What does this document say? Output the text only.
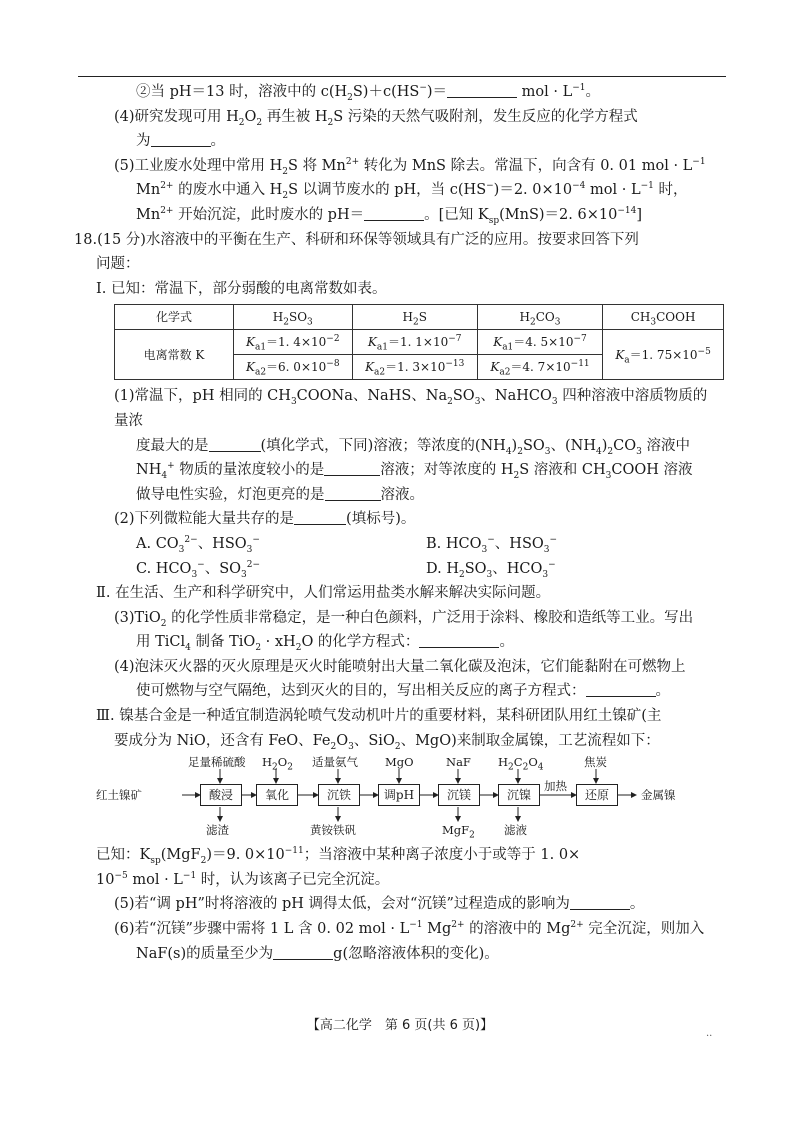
②当 pH＝13 时，溶液中的 $c(H_2S)+c(HS^-)=$	mol · $L^{-1}$。

(4)研究发现可用 $H_2O_2$ 再生被 $H_2S$ 污染的天然气吸附剂，发生反应的化学方程式

为	。

(5)工业废水处理中常用 $H_2S$ 将 $Mn^{2+}$ 转化为 MnS 除去。常温下，向含有 0. 01 mol · $L^{-1}$

$Mn^{2+}$ 的废水中通入 $H_2S$ 以调节废水的 pH，当 c(HS−)＝2. $0\times 10^{-4}$ mol · $L^{-1}$ 时，

$Mn^{2+}$ 开始沉淀，此时废水的 pH＝	。[已知 $K_{sp}(MnS)=2$. $6\times 10^{-14}$]

18.(15 分)水溶液中的平衡在生产、科研和环保等领域具有广泛的应用。按要求回答下列

问题：

Ⅰ. 已知：常温下，部分弱酸的电离常数如表。

化学式	$H_2SO_3$	$H_2S$	$H_2CO_3$	$CH_3COOH$
电离常数 K	$K_{a1}=1$. $4\times 10^{-2}$	$K_{a1}=1$. $1\times 10^{-7}$	$K_{a1}=4$. $5\times 10^{-7}$	$K_a=1$. $75\times 10^{-5}$
	$K_{a2}=6$. $0\times 10^{-8}$	$K_{a2}=1$. $3\times 10^{-13}$	$K_{a2}=4$. $7\times 10^{-11}$

(1)常温下，pH 相同的 $CH_3COONa$、NaHS、$Na_2SO_3$、NaHCO$_3$ 四种溶液中溶质物质的量浓

度最大的是	(填化学式，下同)溶液；等浓度的$(NH_4)_2SO_3$、$(NH_4)_2CO_3$ 溶液中

$NH_4^+$ 物质的量浓度较小的是	溶液；对等浓度的 $H_2S$ 溶液和 $CH_3COOH$ 溶液

做导电性实验，灯泡更亮的是	溶液。

(2)下列微粒能大量共存的是	(填标号)。

A. $CO_3^{2-}$、$HSO_3^-$	B. $HCO_3^-$、$HSO_3^-$
C. $HCO_3^-$、$SO_3^{2-}$	D. $H_2SO_3$、$HCO_3^-$

Ⅱ. 在生活、生产和科学研究中，人们常运用盐类水解来解决实际问题。

(3)TiO$_2$ 的化学性质非常稳定，是一种白色颜料，广泛用于涂料、橡胶和造纸等工业。写出

用 TiCl$_4$ 制备 $TiO_2 \cdot xH_2O$ 的化学方程式：	。

(4)泡沫灭火器的灭火原理是灭火时能喷射出大量二氧化碳及泡沫，它们能黏附在可燃物上

使可燃物与空气隔绝，达到灭火的目的，写出相关反应的离子方程式：	。

Ⅲ. 镍基合金是一种适宜制造涡轮喷气发动机叶片的重要材料，某科研团队用红土镍矿(主

要成分为 NiO，还含有 FeO、$Fe_2O_3$、SiO$_2$、MgO)来制取金属镍，工艺流程如下：

红土镍矿	酸浸	氧化	沉铁	调pH	沉镁	沉镍	还原
足量稀硫酸 $H_2O_2$ 适量氨气 MgO	NaF $H_2C_2O_4$	焦炭
加热
金属镍
滤渣	黄铵铁矾	MgF$_2$	滤液

已知：$K_{sp}(MgF_2)=9$. $0\times 10^{-11}$；当溶液中某种离子浓度小于或等于 1. 0×

$10^{-5}$ mol · $L^{-1}$ 时，认为该离子已完全沉淀。

(5)若“调 pH”时将溶液的 pH 调得太低，会对“沉镁”过程造成的影响为	。

(6)若“沉镁”步骤中需将 1 L 含 0. 02 mol · $L^{-1}$ $Mg^{2+}$ 的溶液中的 $Mg^{2+}$ 完全沉淀，则加入

NaF(s)的质量至少为	g(忽略溶液体积的变化)。

【高二化学　第 6 页(共 6 页)】
..
